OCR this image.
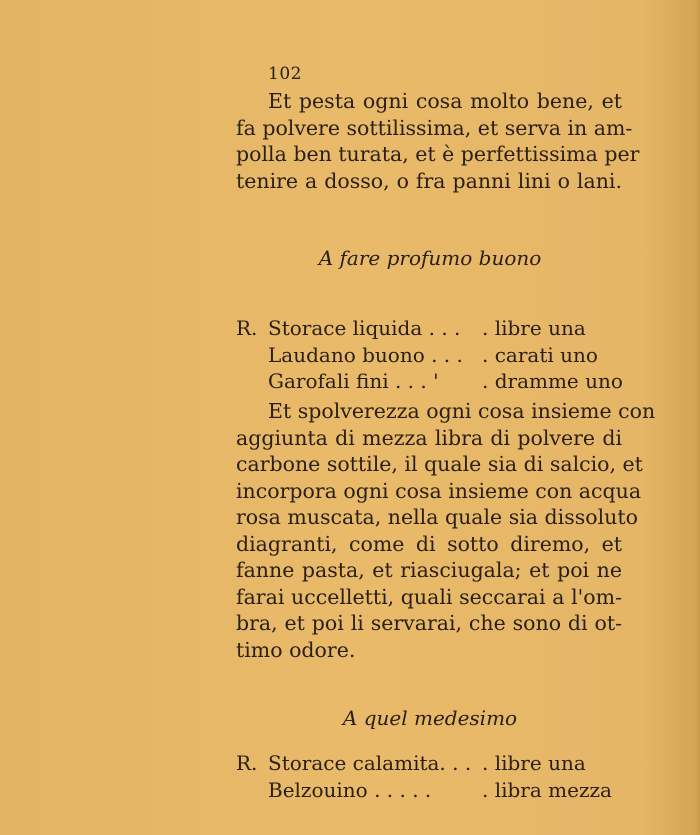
102
Et pesta ogni cosa molto bene, et
fa polvere sottilissima, et serva in am-
polla ben turata, et è perfettissima per
tenire a dosso, o fra panni lini o lani.
A fare profumo buono
R. Storace liquida . . .	. libre una
Laudano buono . . . . carati uno
Garofali fini . . . '	. dramme uno
Et spolverezza ogni cosa insieme con
aggiunta di mezza libra di polvere di
carbone sottile, il quale sia di salcio, et
incorpora ogni cosa insieme con acqua
rosa muscata, nella quale sia dissoluto
diagranti, come di sotto diremo, et
fanne pasta, et riasciugala; et poi ne
farai uccelletti, quali seccarai a l'om-
bra, et poi li servarai, che sono di ot-
timo odore.
A quel medesimo
R. Storace calamita. . . . libre una
Belzouino . . . . .	. libra mezza
